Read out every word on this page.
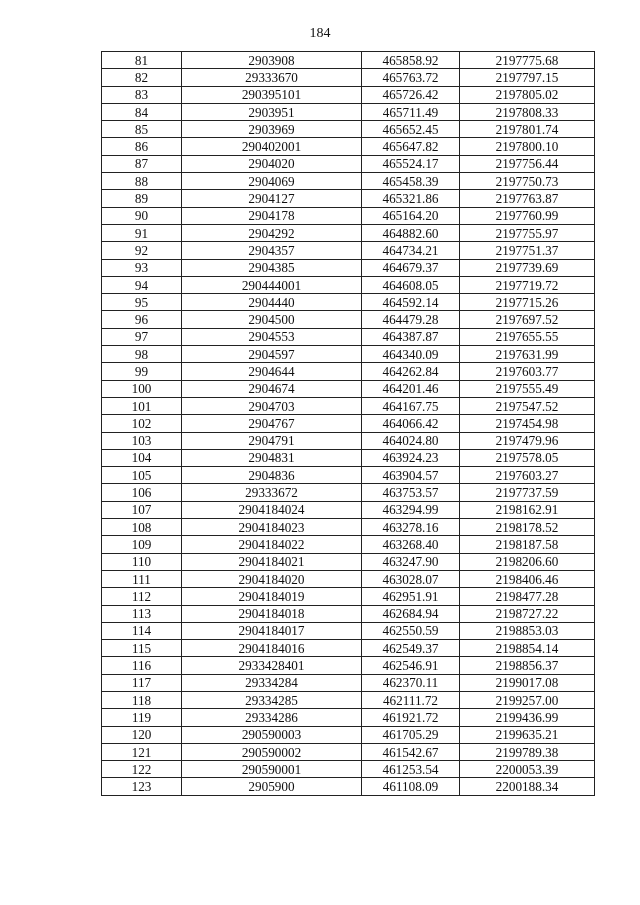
184
81	2903908	465858.92	2197775.68
82	29333670	465763.72	2197797.15
83	290395101	465726.42	2197805.02
84	2903951	465711.49	2197808.33
85	2903969	465652.45	2197801.74
86	290402001	465647.82	2197800.10
87	2904020	465524.17	2197756.44
88	2904069	465458.39	2197750.73
89	2904127	465321.86	2197763.87
90	2904178	465164.20	2197760.99
91	2904292	464882.60	2197755.97
92	2904357	464734.21	2197751.37
93	2904385	464679.37	2197739.69
94	290444001	464608.05	2197719.72
95	2904440	464592.14	2197715.26
96	2904500	464479.28	2197697.52
97	2904553	464387.87	2197655.55
98	2904597	464340.09	2197631.99
99	2904644	464262.84	2197603.77
100	2904674	464201.46	2197555.49
101	2904703	464167.75	2197547.52
102	2904767	464066.42	2197454.98
103	2904791	464024.80	2197479.96
104	2904831	463924.23	2197578.05
105	2904836	463904.57	2197603.27
106	29333672	463753.57	2197737.59
107	2904184024	463294.99	2198162.91
108	2904184023	463278.16	2198178.52
109	2904184022	463268.40	2198187.58
110	2904184021	463247.90	2198206.60
111	2904184020	463028.07	2198406.46
112	2904184019	462951.91	2198477.28
113	2904184018	462684.94	2198727.22
114	2904184017	462550.59	2198853.03
115	2904184016	462549.37	2198854.14
116	2933428401	462546.91	2198856.37
117	29334284	462370.11	2199017.08
118	29334285	462111.72	2199257.00
119	29334286	461921.72	2199436.99
120	290590003	461705.29	2199635.21
121	290590002	461542.67	2199789.38
122	290590001	461253.54	2200053.39
123	2905900	461108.09	2200188.34
